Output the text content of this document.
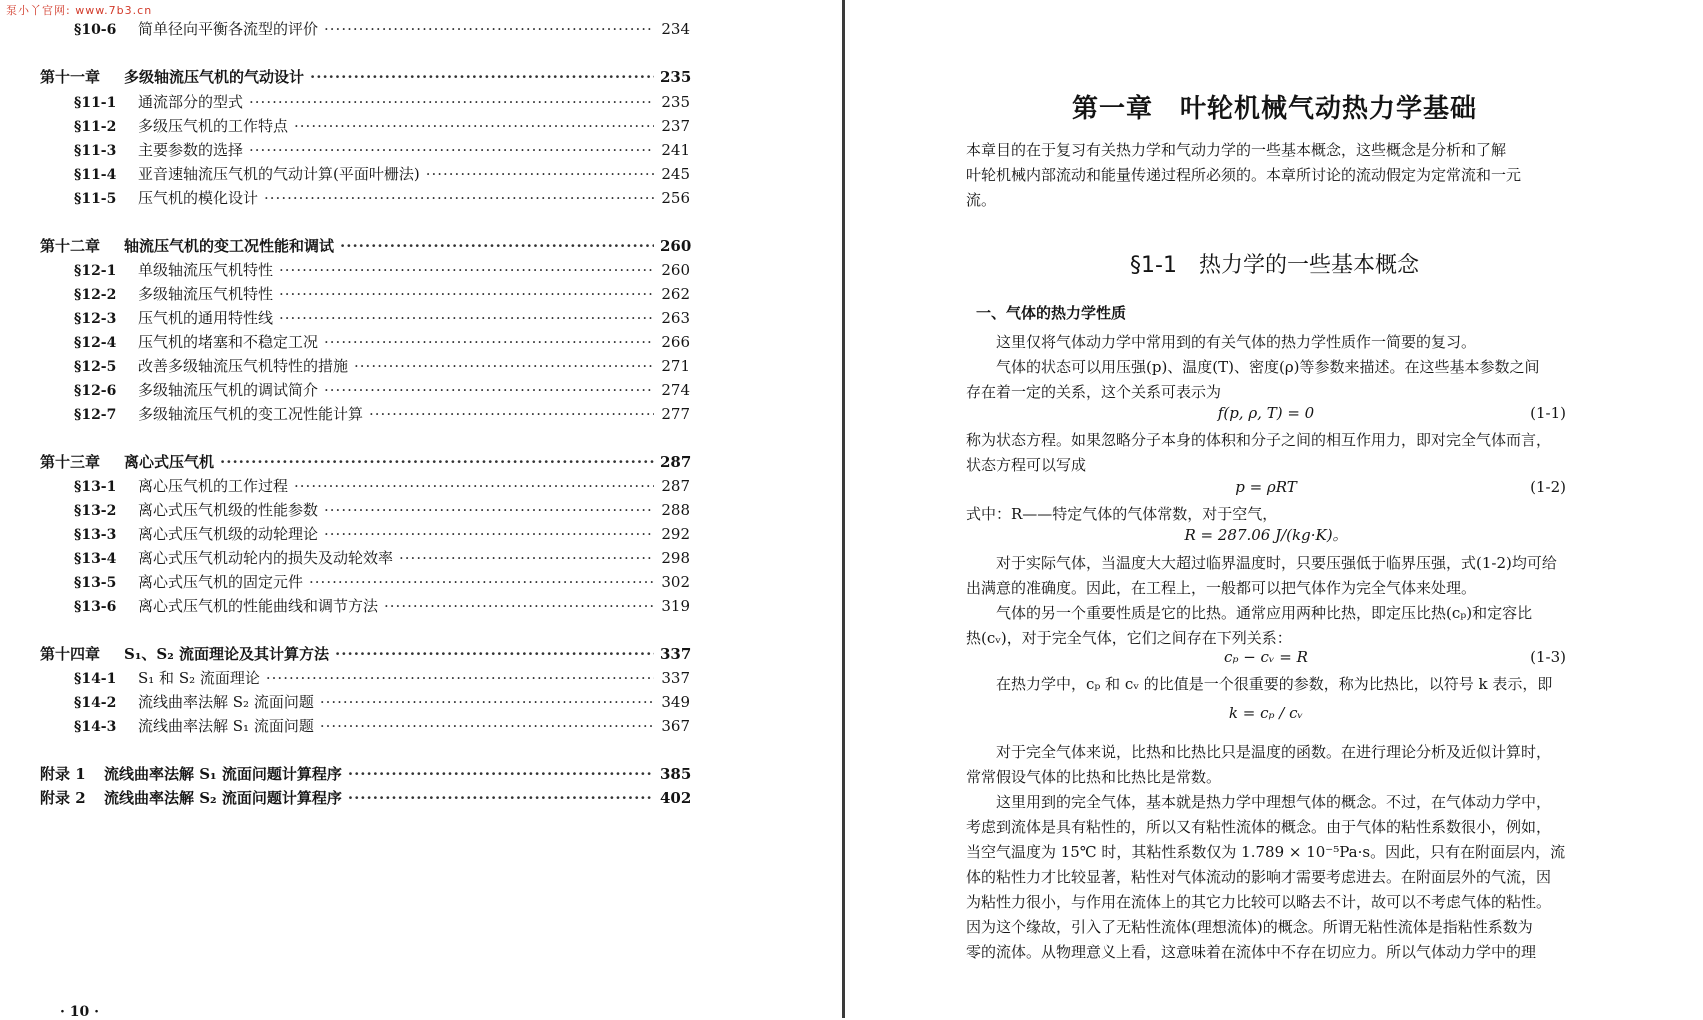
泵小丫官网: www.7b3.cn
§10-6	简单径向平衡各流型的评价 ·····	234
第十一章	多级轴流压气机的气动设计 ·····	235
§11-1	通流部分的型式 ·····	235
§11-2	多级压气机的工作特点 ·····	237
§11-3	主要参数的选择 ·····	241
§11-4	亚音速轴流压气机的气动计算(平面叶栅法) ·····	245
§11-5	压气机的模化设计 ·····	256
第十二章	轴流压气机的变工况性能和调试 ·····	260
§12-1	单级轴流压气机特性 ·····	260
§12-2	多级轴流压气机特性 ·····	262
§12-3	压气机的通用特性线 ·····	263
§12-4	压气机的堵塞和不稳定工况 ·····	266
§12-5	改善多级轴流压气机特性的措施 ·····	271
§12-6	多级轴流压气机的调试简介 ·····	274
§12-7	多级轴流压气机的变工况性能计算 ·····	277
第十三章	离心式压气机 ·····	287
§13-1	离心压气机的工作过程 ·····	287
§13-2	离心式压气机级的性能参数 ·····	288
§13-3	离心式压气机级的动轮理论 ·····	292
§13-4	离心式压气机动轮内的损失及动轮效率 ·····	298
§13-5	离心式压气机的固定元件 ·····	302
§13-6	离心式压气机的性能曲线和调节方法 ·····	319
第十四章	S₁、S₂ 流面理论及其计算方法 ·····	337
§14-1	S₁ 和 S₂ 流面理论 ·····	337
§14-2	流线曲率法解 S₂ 流面问题 ·····	349
§14-3	流线曲率法解 S₁ 流面问题 ·····	367
附录 1	流线曲率法解 S₁ 流面问题计算程序 ·····	385
附录 2	流线曲率法解 S₂ 流面问题计算程序 ·····	402
· 10 ·
第一章　叶轮机械气动热力学基础
§1-1　热力学的一些基本概念
一、气体的热力学性质
本章目的在于复习有关热力学和气动力学的一些基本概念，这些概念是分析和了解
叶轮机械内部流动和能量传递过程所必须的。本章所讨论的流动假定为定常流和一元
流。
　　这里仅将气体动力学中常用到的有关气体的热力学性质作一简要的复习。
　　气体的状态可以用压强(p)、温度(T)、密度(ρ)等参数来描述。在这些基本参数之间
存在着一定的关系，这个关系可表示为
f(p, ρ, T) = 0	(1-1)
称为状态方程。如果忽略分子本身的体积和分子之间的相互作用力，即对完全气体而言，
状态方程可以写成
p = ρRT	(1-2)
式中：R——特定气体的气体常数，对于空气，
R = 287.06 J/(kg·K)。
　　对于实际气体，当温度大大超过临界温度时，只要压强低于临界压强，式(1-2)均可给
出满意的准确度。因此，在工程上，一般都可以把气体作为完全气体来处理。
　　气体的另一个重要性质是它的比热。通常应用两种比热，即定压比热(cₚ)和定容比
热(cᵥ)，对于完全气体，它们之间存在下列关系：
cₚ − cᵥ = R	(1-3)
　　在热力学中，cₚ 和 cᵥ 的比值是一个很重要的参数，称为比热比，以符号 k 表示，即
k = cₚ / cᵥ
　　对于完全气体来说，比热和比热比只是温度的函数。在进行理论分析及近似计算时，
常常假设气体的比热和比热比是常数。
　　这里用到的完全气体，基本就是热力学中理想气体的概念。不过，在气体动力学中，
考虑到流体是具有粘性的，所以又有粘性流体的概念。由于气体的粘性系数很小，例如，
当空气温度为 15℃ 时，其粘性系数仅为 1.789 × 10⁻⁵Pa·s。因此，只有在附面层内，流
体的粘性力才比较显著，粘性对气体流动的影响才需要考虑进去。在附面层外的气流，因
为粘性力很小，与作用在流体上的其它力比较可以略去不计，故可以不考虑气体的粘性。
因为这个缘故，引入了无粘性流体(理想流体)的概念。所谓无粘性流体是指粘性系数为
零的流体。从物理意义上看，这意味着在流体中不存在切应力。所以气体动力学中的理
